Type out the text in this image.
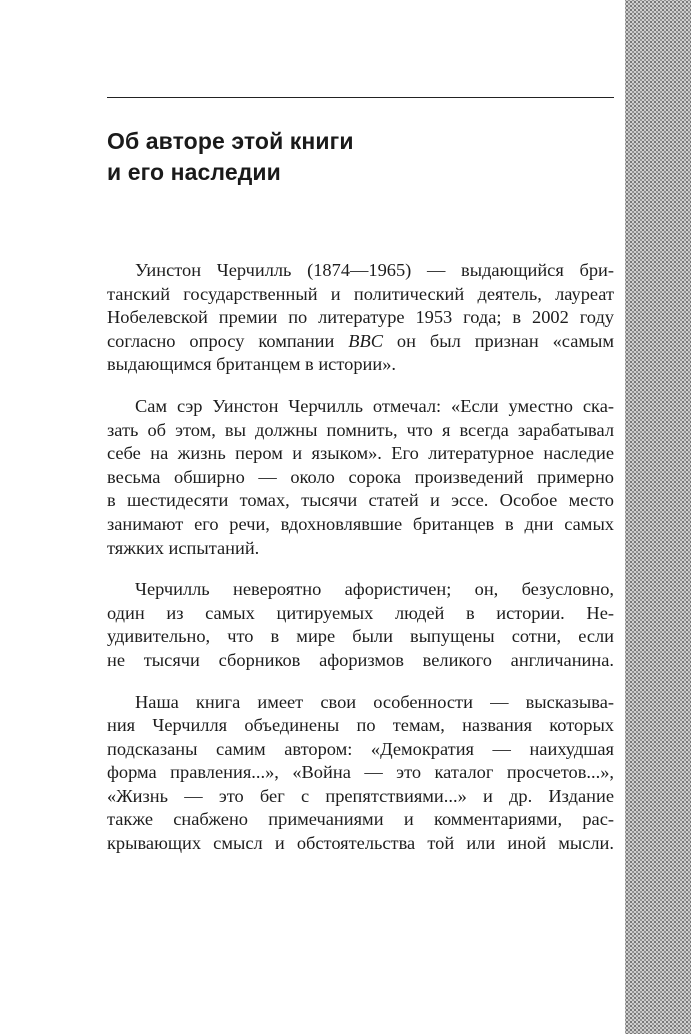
Об авторе этой книги
и его наследии

Уинстон Черчилль (1874—1965) — выдающийся бри-
танский государственный и политический деятель, лауреат
Нобелевской премии по литературе 1953 года; в 2002 году
согласно опросу компании BBC он был признан «самым
выдающимся британцем в истории».

Сам сэр Уинстон Черчилль отмечал: «Если уместно ска-
зать об этом, вы должны помнить, что я всегда зарабатывал
себе на жизнь пером и языком». Его литературное наследие
весьма обширно — около сорока произведений примерно
в шестидесяти томах, тысячи статей и эссе. Особое место
занимают его речи, вдохновлявшие британцев в дни самых
тяжких испытаний.

Черчилль невероятно афористичен; он, безусловно,
один из самых цитируемых людей в истории. Не-
удивительно, что в мире были выпущены сотни, если
не тысячи сборников афоризмов великого англичанина.

Наша книга имеет свои особенности — высказыва-
ния Черчилля объединены по темам, названия которых
подсказаны самим автором: «Демократия — наихудшая
форма правления...», «Война — это каталог просчетов...»,
«Жизнь — это бег с препятствиями...» и др. Издание
также снабжено примечаниями и комментариями, рас-
крывающих смысл и обстоятельства той или иной мысли.
